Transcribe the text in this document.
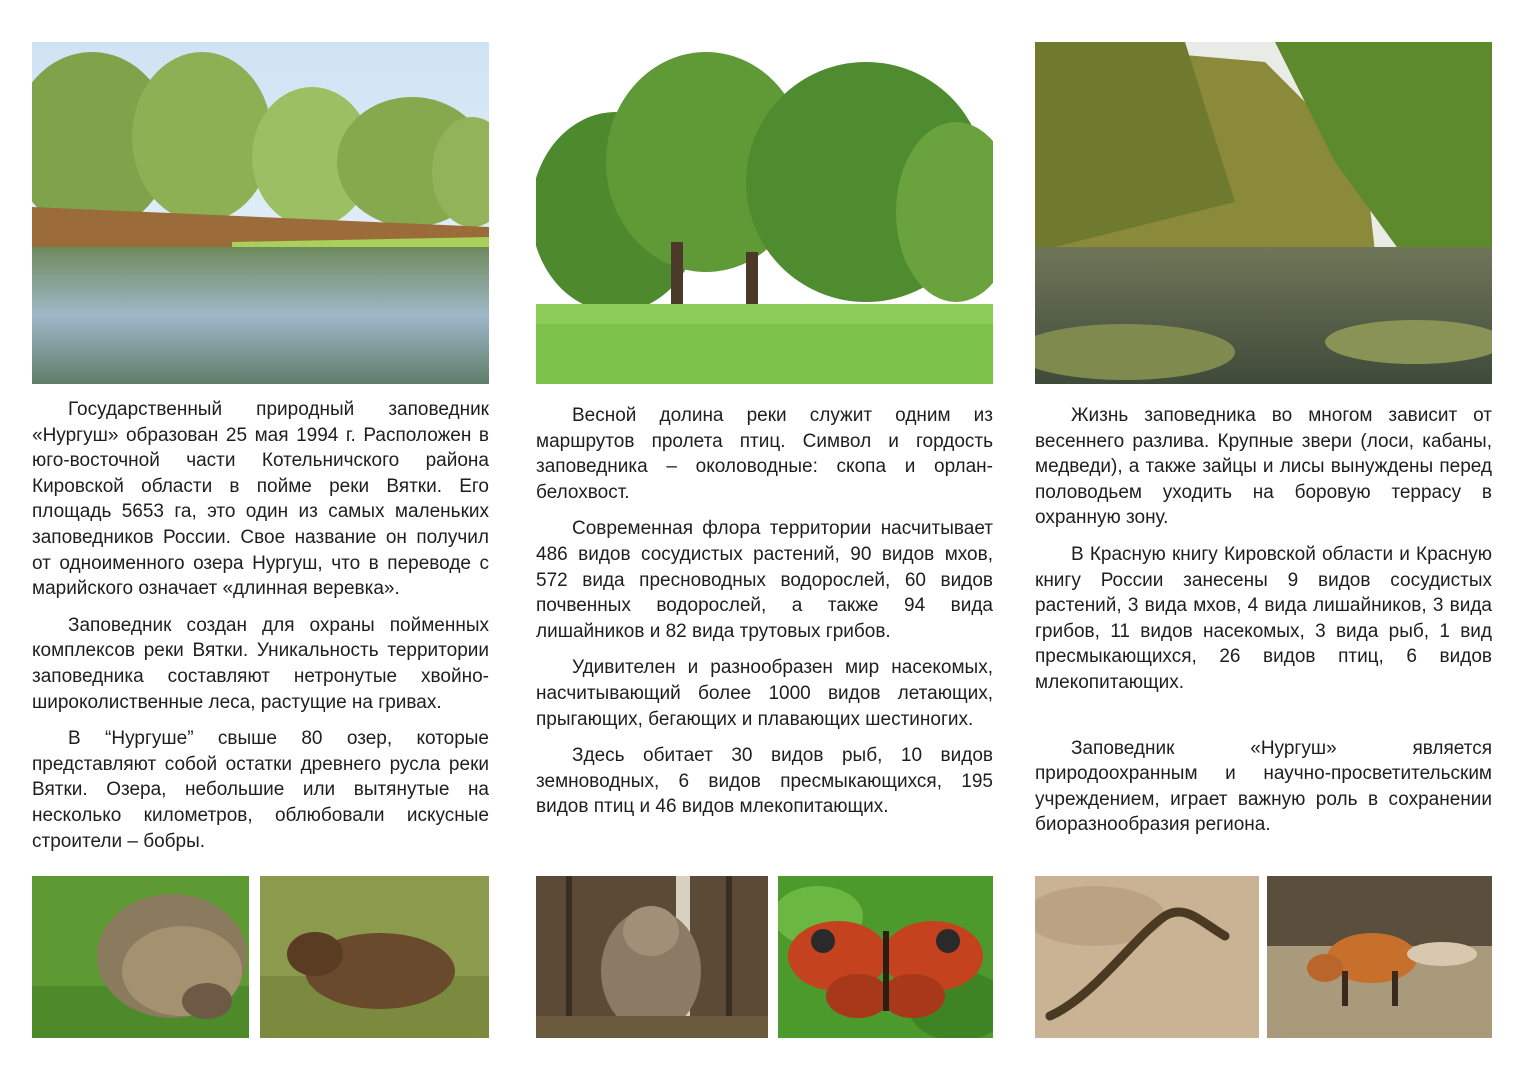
Государственный природный заповедник «Нургуш» образован 25 мая 1994 г. Расположен в юго-восточной части Котельничского района Кировской области в пойме реки Вятки. Его площадь 5653 га, это один из самых маленьких заповедников России. Свое название он получил от одноименного озера Нургуш, что в переводе с марийского означает «длинная веревка».

Заповедник создан для охраны пойменных комплексов реки Вятки. Уникальность территории заповедника составляют нетронутые хвойно-широколиственные леса, растущие на гривах.

В “Нургуше” свыше 80 озер, которые представляют собой остатки древнего русла реки Вятки. Озера, небольшие или вытянутые на несколько километров, облюбовали искусные строители – бобры.

Весной долина реки служит одним из маршрутов пролета птиц. Символ и гордость заповедника – околоводные: скопа и орлан-белохвост.

Современная флора территории насчитывает 486 видов сосудистых растений, 90 видов мхов, 572 вида пресноводных водорослей, 60 видов почвенных водорослей, а также 94 вида лишайников и 82 вида трутовых грибов.

Удивителен и разнообразен мир насекомых, насчитывающий более 1000 видов летающих, прыгающих, бегающих и плавающих шестиногих.

Здесь обитает 30 видов рыб, 10 видов земноводных, 6 видов пресмыкающихся, 195 видов птиц и 46 видов млекопитающих.

Жизнь заповедника во многом зависит от весеннего разлива. Крупные звери (лоси, кабаны, медведи), а также зайцы и лисы вынуждены перед половодьем уходить на боровую террасу в охранную зону.

В Красную книгу Кировской области и Красную книгу России занесены 9 видов сосудистых растений, 3 вида мхов, 4 вида лишайников, 3 вида грибов, 11 видов насекомых, 3 вида рыб, 1 вид пресмыкающихся, 26 видов птиц, 6 видов млекопитающих.

Заповедник «Нургуш» является природоохранным и научно-просветительским учреждением, играет важную роль в сохранении биоразнообразия региона.
